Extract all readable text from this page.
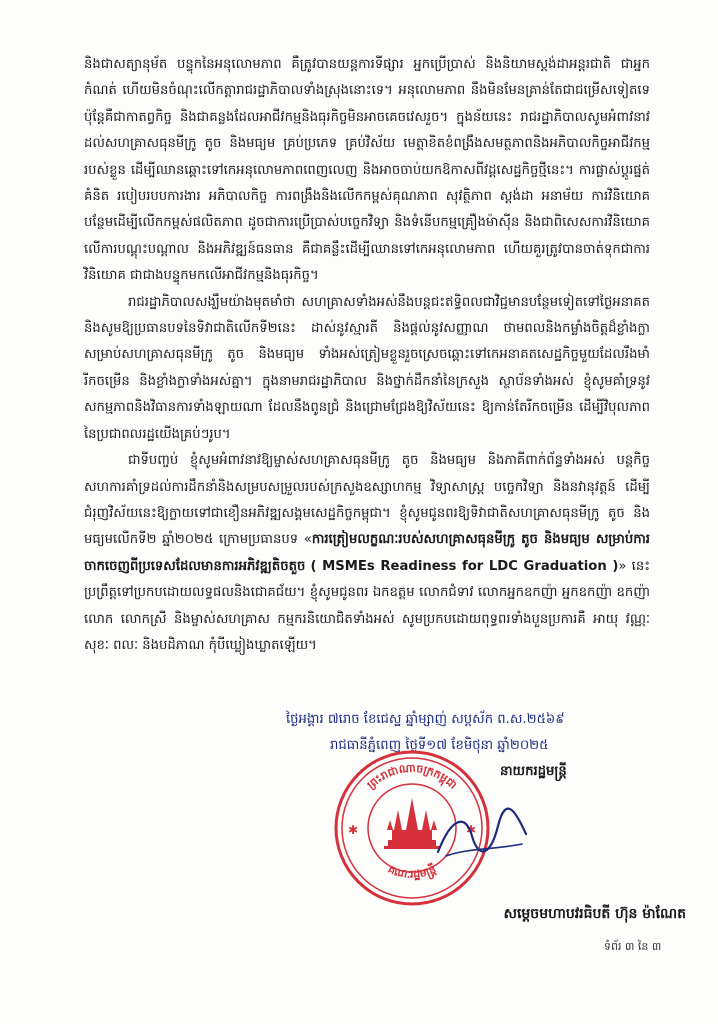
និងជាសត្យានុម័ត បន្ទុកនៃអនុលោមភាព គឺត្រូវបានយន្តការទីផ្សារ អ្នកប្រើប្រាស់ និងនិយាមស្តង់ដាអន្តរជាតិ ជាអ្នកកំណត់ ហើយមិនចំណុះលើកត្តារាជរដ្ឋាភិបាលទាំងស្រុងនោះទេ។ អនុលោមភាព នឹងមិនមែនគ្រាន់តែជាជម្រើសទៀតទេ ប៉ុន្តែគឺជាកាតព្វកិច្ច និងជាគន្លងដែលអាជីវកម្មនិងធុរកិច្ចមិនអាចគេចវេសរួច។ ក្នុងន័យនេះ រាជរដ្ឋាភិបាលសូមអំពាវនាវដល់សហគ្រាសធុនមីក្រូ តូច និងមធ្យម គ្រប់ប្រភេទ គ្រប់វិស័យ មេត្តាខិតខំពង្រឹងសមត្ថភាពនិងអភិបាលកិច្ចអាជីវកម្មរបស់ខ្លួន ដើម្បីឈានឆ្ពោះទៅកេអនុលោមភាពពេញលេញ និងអាចចាប់យកឱកាសពីវដ្តសេដ្ឋកិច្ចថ្មីនេះ។ ការផ្លាស់ប្តូរផ្នត់គំនិត របៀបរបបការងារ អភិបាលកិច្ច ការពង្រឹងនិងលើកកម្ពស់គុណភាព សុវត្ថិភាព ស្តង់ដា អនាម័យ ការវិនិយោគបន្ថែមដើម្បីលើកកម្ពស់ផលិតភាព ដូចជាការប្រើប្រាស់បច្ចេកវិទ្យា និងទំនើបកម្មគ្រឿងម៉ាស៊ីន និងជាពិសេសការវិនិយោគលើការបណ្តុះបណ្តាល និងអភិវឌ្ឍន៍ធនធាន គឺជាគន្លឹះដើម្បីឈានទៅកេអនុលោមភាព ហើយគួរត្រូវបានចាត់ទុកជាការវិនិយោគ ជាជាងបន្ទុកមកលើអាជីវកម្មនិងធុរកិច្ច។

រាជរដ្ឋាភិបាលសង្ឃឹមយ៉ាងមុតមាំថា សហគ្រាសទាំងអស់នឹងបន្តជះឥទ្ធិពលជាវិជ្ជមានបន្ថែមទៀតទៅថ្ងៃអនាគត និងសូមឱ្យប្រធានបទនៃទិវាជាតិលើកទី២នេះ ដាស់នូវស្មារតី និងផ្តល់នូវសញ្ញាណ ថាមពលនិងកម្លាំងចិត្តដ៏ខ្លាំងក្លា សម្រាប់សហគ្រាសធុនមីក្រូ តូច និងមធ្យម ទាំងអស់ត្រៀមខ្លួនរួចស្រេចឆ្ពោះទៅកេអនាគតសេដ្ឋកិច្ចមួយដែលរឹងមាំ រីកចម្រើន និងខ្លាំងក្លាទាំងអស់គ្នា។ ក្នុងនាមរាជរដ្ឋាភិបាល និងថ្នាក់ដឹកនាំនៃក្រសួង ស្ថាប័នទាំងអស់ ខ្ញុំសូមគាំទ្រនូវសកម្មភាពនិងវិធានការទាំងឡាយណា ដែលនឹងពូនជ្រំ និងជ្រោមជ្រែងឱ្យវិស័យនេះ ឱ្យកាន់តែរីកចម្រើន ដើម្បីវិបុលភាពនៃប្រជាពលរដ្ឋយើងគ្រប់ៗរូប។

ជាទីបញ្ចប់ ខ្ញុំសូមអំពាវនាវឱ្យម្ចាស់សហគ្រាសធុនមីក្រូ តូច និងមធ្យម និងភាគីពាក់ព័ន្ធទាំងអស់ បន្តកិច្ចសហការគាំទ្រដល់ការដឹកនាំនិងសម្របសម្រួលរបស់ក្រសួងឧស្សាហកម្ម វិទ្យាសាស្ត្រ បច្ចេកវិទ្យា និងនវានុវត្តន៍ ដើម្បីជំរុញវិស័យនេះឱ្យក្លាយទៅជាខឿនអភិវឌ្ឍសង្គមសេដ្ឋកិច្ចកម្ពុជា។ ខ្ញុំសូមជូនពរឱ្យទិវាជាតិសហគ្រាសធុនមីក្រូ តូច និងមធ្យមលើកទី២ ឆ្នាំ២០២៥ ក្រោមប្រធានបទ «ការត្រៀមលក្ខណៈរបស់សហគ្រាសធុនមីក្រូ តូច និងមធ្យម សម្រាប់ការចាកចេញពីប្រទេសដែលមានការអភិវឌ្ឍតិចតួច ( MSMEs Readiness for LDC Graduation )» នេះ ប្រព្រឹត្តទៅប្រកបដោយលទ្ធផលនិងជោគជ័យ។ ខ្ញុំសូមជូនពរ ឯកឧត្តម លោកជំទាវ លោកអ្នកឧកញ៉ា អ្នកឧកញ៉ា ឧកញ៉ា លោក លោកស្រី និងម្ចាស់សហគ្រាស កម្មករនិយោជិតទាំងអស់ សូមប្រកបដោយពុទ្ធពរទាំងបួនប្រការគឺ អាយុ វណ្ណៈ សុខៈ ពលៈ និងបដិភាណ កុំបីឃ្លៀងឃ្លាតឡើយ។

ថ្ងៃអង្គារ ៧រោច ខែជេស្ឋ ឆ្នាំម្សាញ់ សប្តស័ក ព.ស.២៥៦៩
រាជធានីភ្នំពេញ ថ្ងៃទី១៧ ខែមិថុនា ឆ្នាំ២០២៥
នាយករដ្ឋមន្ត្រី
ព្រះរាជាណាចក្រកម្ពុជា
គណៈរដ្ឋមន្ត្រី
✱	✱
សម្តេចមហាបវរធិបតី ហ៊ុន ម៉ាណែត
ទំព័រ ៣ នៃ ៣
